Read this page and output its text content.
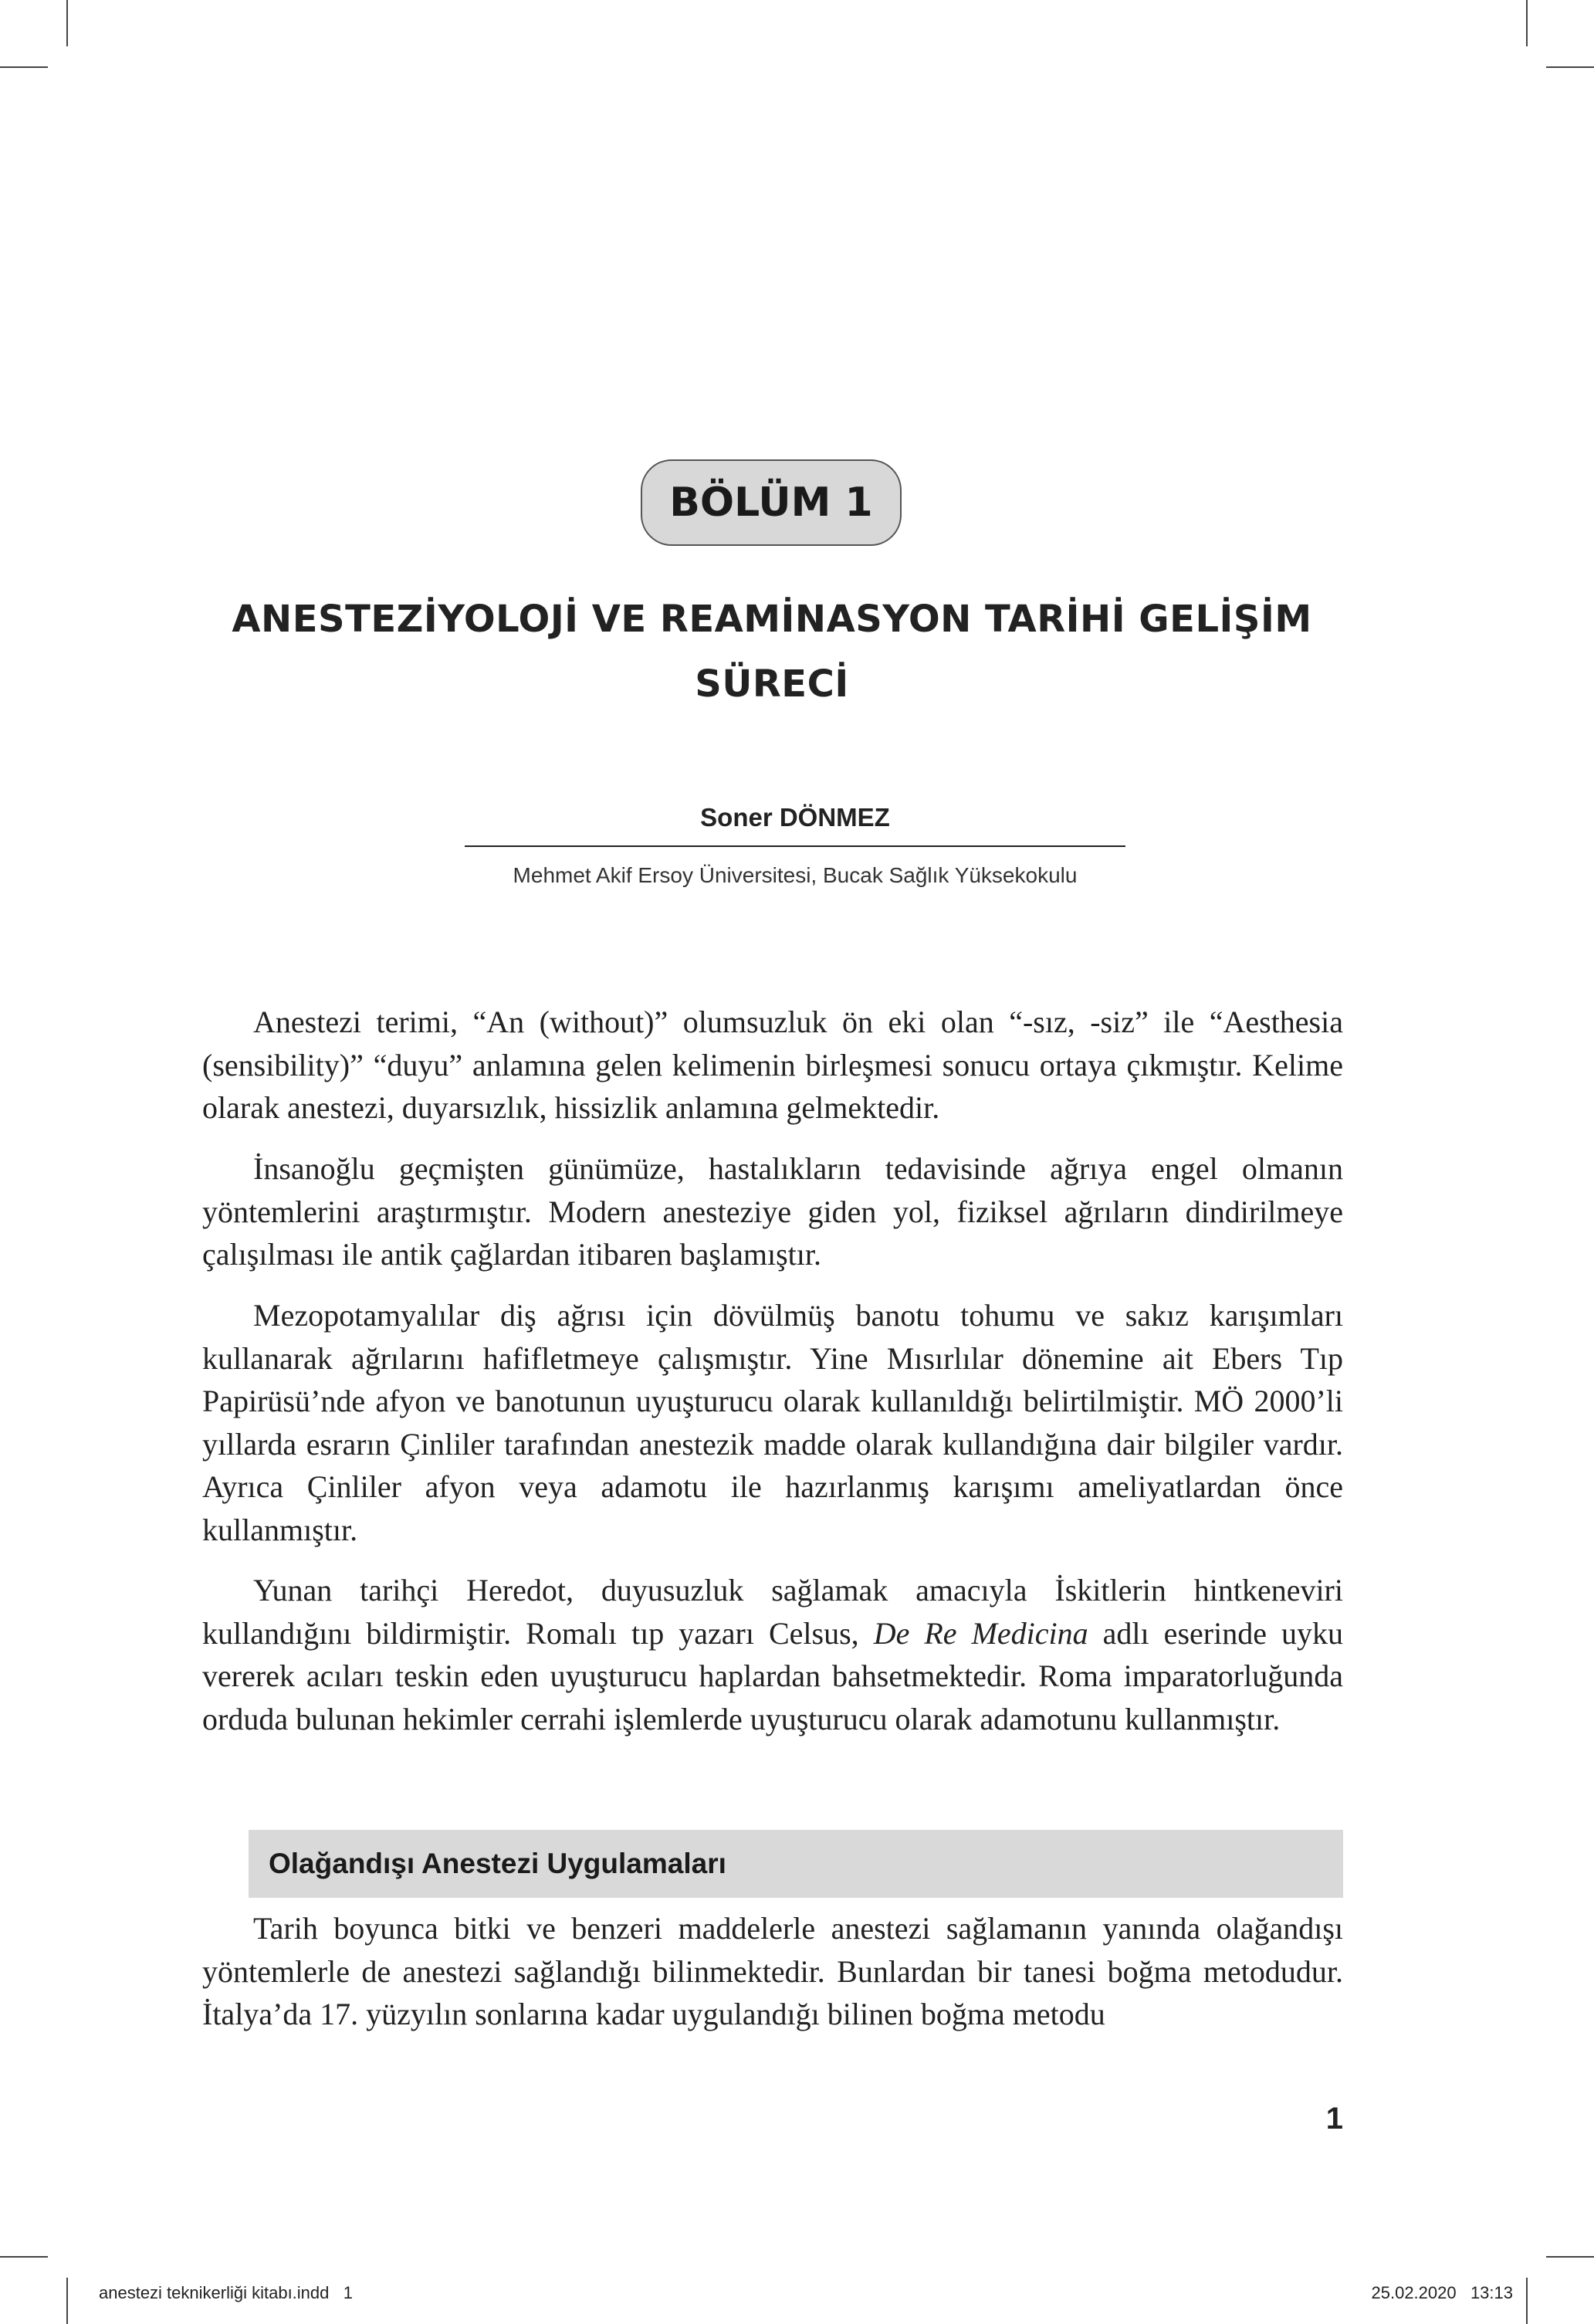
BÖLÜM 1
ANESTEZİYOLOJİ VE REAMİNASYON TARİHİ GELİŞİM
SÜRECİ
Soner DÖNMEZ
Mehmet Akif Ersoy Üniversitesi, Bucak Sağlık Yüksekokulu

Anestezi terimi, “An (without)” olumsuzluk ön eki olan “-sız, -siz” ile “Aesthesia (sensibility)” “duyu” anlamına gelen kelimenin birleşmesi sonucu ortaya çıkmıştır. Kelime olarak anestezi, duyarsızlık, hissizlik anlamına gelmektedir.

İnsanoğlu geçmişten günümüze, hastalıkların tedavisinde ağrıya engel olmanın yöntemlerini araştırmıştır. Modern anesteziye giden yol, fiziksel ağrıların dindirilmeye çalışılması ile antik çağlardan itibaren başlamıştır.

Mezopotamyalılar diş ağrısı için dövülmüş banotu tohumu ve sakız karışımları kullanarak ağrılarını hafifletmeye çalışmıştır. Yine Mısırlılar dönemine ait Ebers Tıp Papirüsü’nde afyon ve banotunun uyuşturucu olarak kullanıldığı belirtilmiştir. MÖ 2000’li yıllarda esrarın Çinliler tarafından anestezik madde olarak kullandığına dair bilgiler vardır. Ayrıca Çinliler afyon veya adamotu ile hazırlanmış karışımı ameliyatlardan önce kullanmıştır.

Yunan tarihçi Heredot, duyusuzluk sağlamak amacıyla İskitlerin hintkeneviri kullandığını bildirmiştir. Romalı tıp yazarı Celsus, De Re Medicina adlı eserinde uyku vererek acıları teskin eden uyuşturucu haplardan bahsetmektedir. Roma imparatorluğunda orduda bulunan hekimler cerrahi işlemlerde uyuşturucu olarak adamotunu kullanmıştır.

Olağandışı Anestezi Uygulamaları

Tarih boyunca bitki ve benzeri maddelerle anestezi sağlamanın yanında olağandışı yöntemlerle de anestezi sağlandığı bilinmektedir. Bunlardan bir tanesi boğma metodudur. İtalya’da 17. yüzyılın sonlarına kadar uygulandığı bilinen boğma metodu

1
anestezi teknikerliği kitabı.indd   1	25.02.2020   13:13
